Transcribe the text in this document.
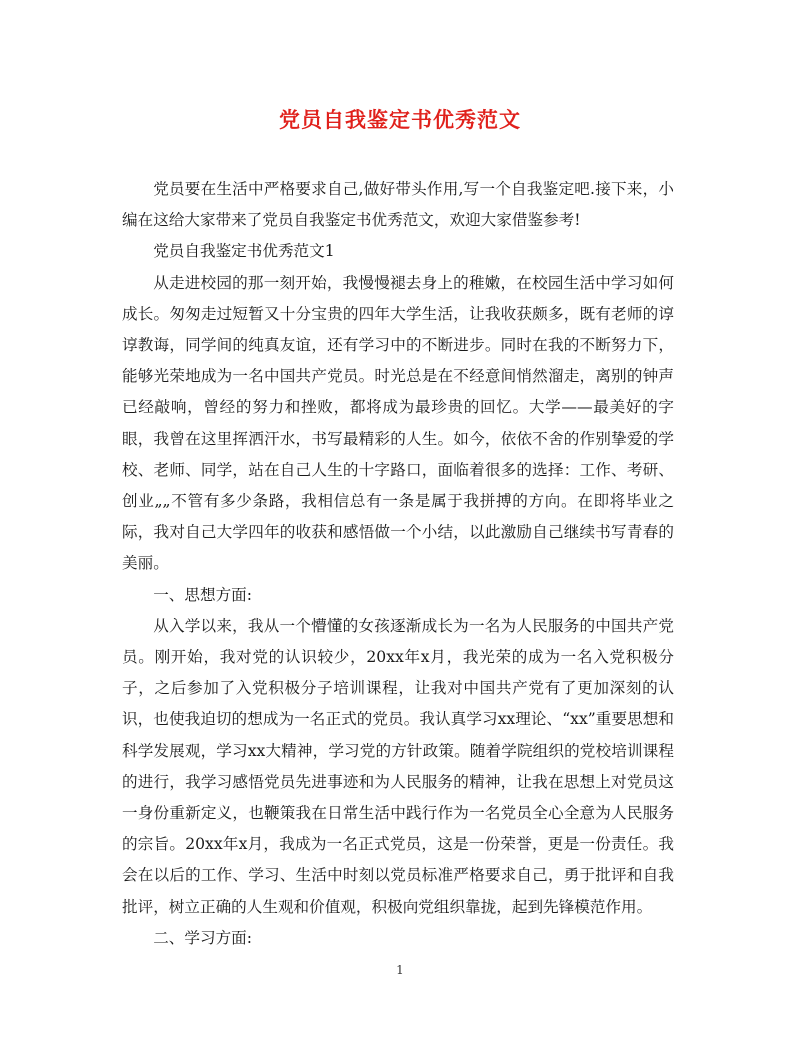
党员自我鉴定书优秀范文

党员要在生活中严格要求自己,做好带头作用,写一个自我鉴定吧.接下来，小编在这给大家带来了党员自我鉴定书优秀范文，欢迎大家借鉴参考!

党员自我鉴定书优秀范文1

从走进校园的那一刻开始，我慢慢褪去身上的稚嫩，在校园生活中学习如何成长。匆匆走过短暂又十分宝贵的四年大学生活，让我收获颇多，既有老师的谆谆教诲，同学间的纯真友谊，还有学习中的不断进步。同时在我的不断努力下，能够光荣地成为一名中国共产党员。时光总是在不经意间悄然溜走，离别的钟声已经敲响，曾经的努力和挫败，都将成为最珍贵的回忆。大学——最美好的字眼，我曾在这里挥洒汗水，书写最精彩的人生。如今，依依不舍的作别挚爱的学校、老师、同学，站在自己人生的十字路口，面临着很多的选择：工作、考研、创业„„不管有多少条路，我相信总有一条是属于我拼搏的方向。在即将毕业之际，我对自己大学四年的收获和感悟做一个小结，以此激励自己继续书写青春的美丽。

一、思想方面:

从入学以来，我从一个懵懂的女孩逐渐成长为一名为人民服务的中国共产党员。刚开始，我对党的认识较少，20xx年x月，我光荣的成为一名入党积极分子，之后参加了入党积极分子培训课程，让我对中国共产党有了更加深刻的认识，也使我迫切的想成为一名正式的党员。我认真学习xx理论、“xx”重要思想和科学发展观，学习xx大精神，学习党的方针政策。随着学院组织的党校培训课程的进行，我学习感悟党员先进事迹和为人民服务的精神，让我在思想上对党员这一身份重新定义，也鞭策我在日常生活中践行作为一名党员全心全意为人民服务的宗旨。20xx年x月，我成为一名正式党员，这是一份荣誉，更是一份责任。我会在以后的工作、学习、生活中时刻以党员标准严格要求自己，勇于批评和自我批评，树立正确的人生观和价值观，积极向党组织靠拢，起到先锋模范作用。

二、学习方面:

1
